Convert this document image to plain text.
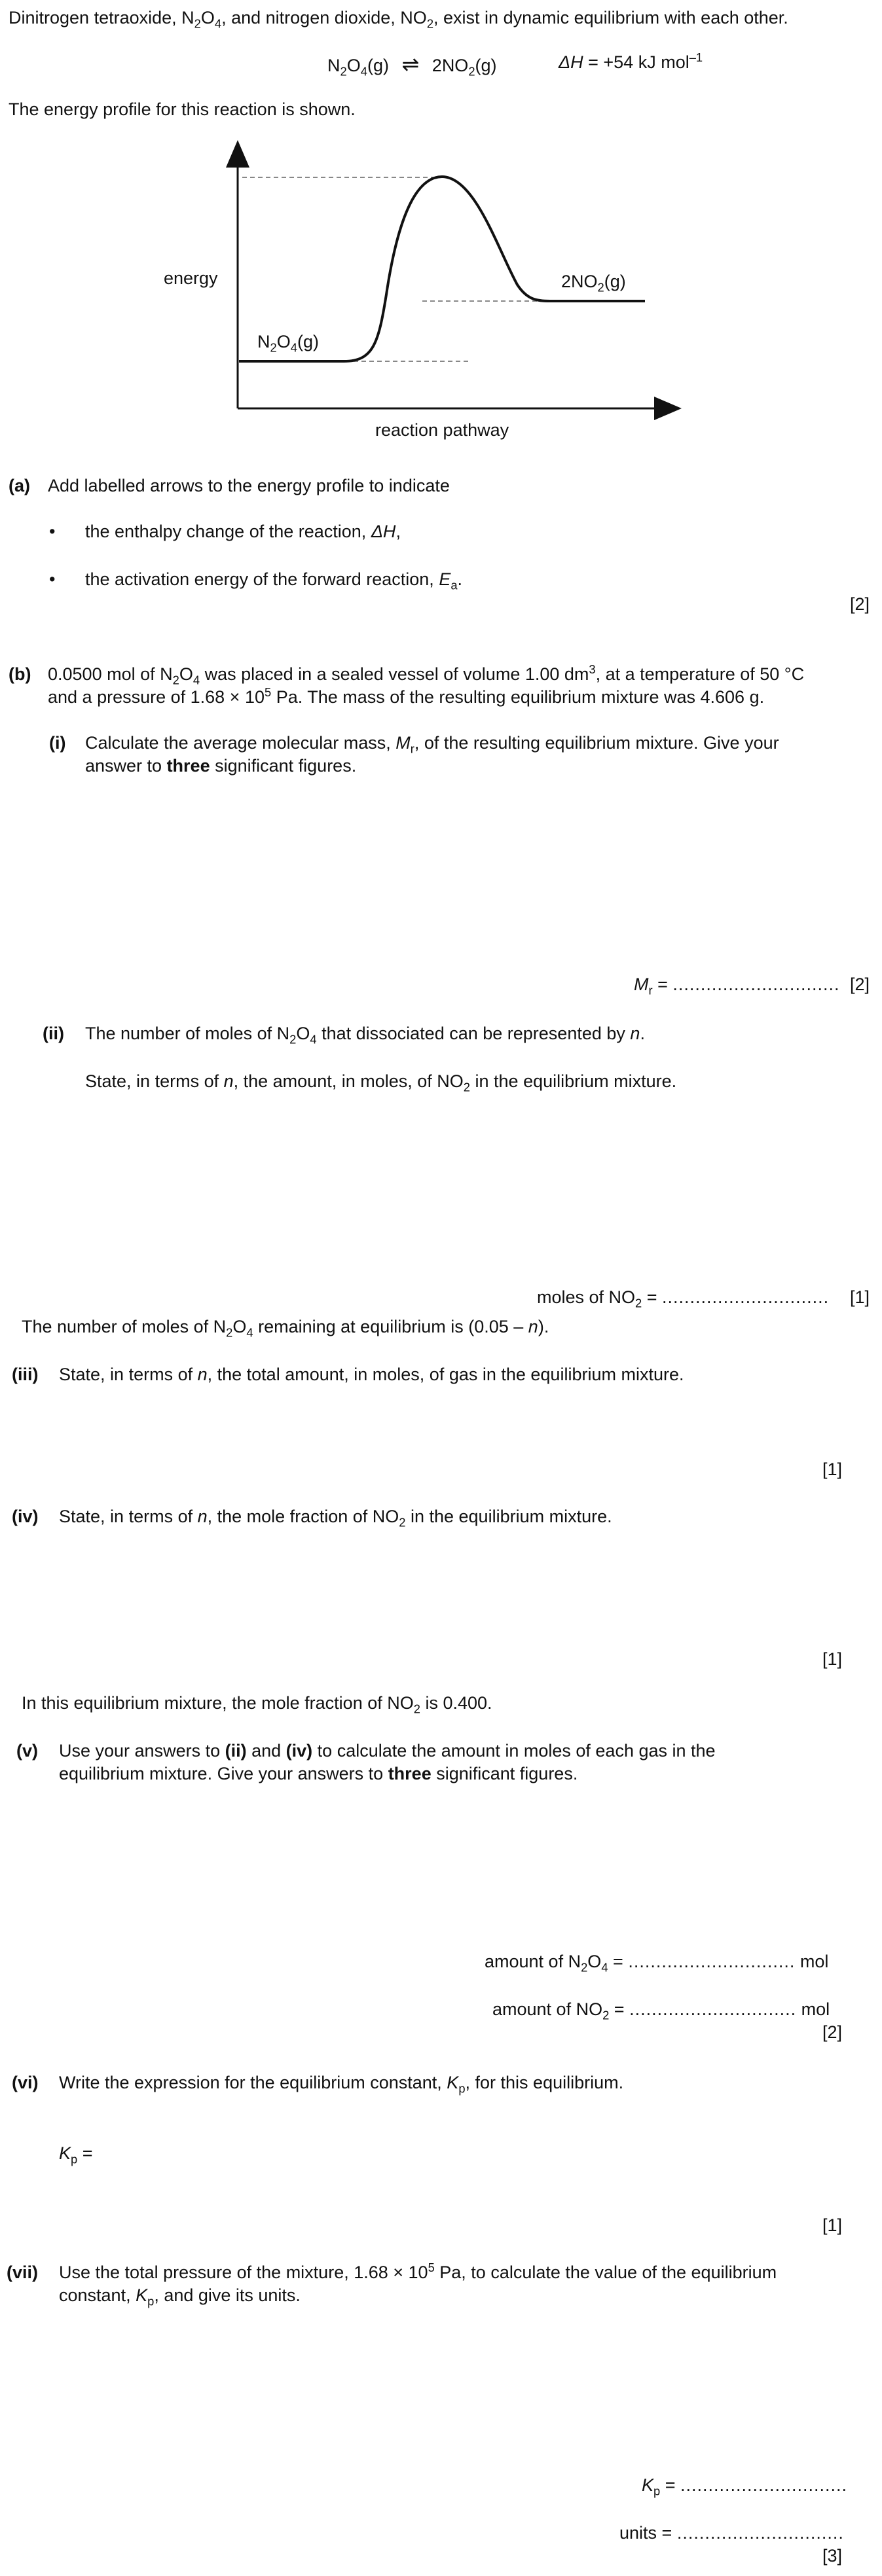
Dinitrogen tetraoxide, $N_2O_4$, and nitrogen dioxide, $NO_2$, exist in dynamic equilibrium with each other.
$N_2O_4(g)$ ⇌ $2NO_2(g)$	ΔH = +54 kJ mol$^{-1}$
The energy profile for this reaction is shown.
energy
reaction pathway
$N_2O_4(g)$
$2NO_2(g)$
(a) Add labelled arrows to the energy profile to indicate
• the enthalpy change of the reaction, ΔH,
• the activation energy of the forward reaction, $E_a$.
[2]
(b) 0.0500 mol of $N_2O_4$ was placed in a sealed vessel of volume 1.00 $dm^3$, at a temperature of 50 °C
and a pressure of $1.68 \times 10^5$ Pa. The mass of the resulting equilibrium mixture was 4.606 g.
(i) Calculate the average molecular mass, $M_r$, of the resulting equilibrium mixture. Give your
answer to three significant figures.
$M_r$ = .............................. [2]
(ii) The number of moles of $N_2O_4$ that dissociated can be represented by n.
State, in terms of n, the amount, in moles, of $NO_2$ in the equilibrium mixture.
moles of $NO_2$ = .............................. [1]
The number of moles of $N_2O_4$ remaining at equilibrium is (0.05 – n).
(iii) State, in terms of n, the total amount, in moles, of gas in the equilibrium mixture.
[1]
(iv) State, in terms of n, the mole fraction of $NO_2$ in the equilibrium mixture.
[1]
In this equilibrium mixture, the mole fraction of $NO_2$ is 0.400.
(v) Use your answers to (ii) and (iv) to calculate the amount in moles of each gas in the
equilibrium mixture. Give your answers to three significant figures.
amount of $N_2O_4$ = .............................. mol
amount of $NO_2$ = .............................. mol
[2]
(vi) Write the expression for the equilibrium constant, $K_p$, for this equilibrium.
$K_p$ =
[1]
(vii) Use the total pressure of the mixture, $1.68 \times 10^5$ Pa, to calculate the value of the equilibrium
constant, $K_p$, and give its units.
$K_p$ = ..............................
units = ..............................
[3]
